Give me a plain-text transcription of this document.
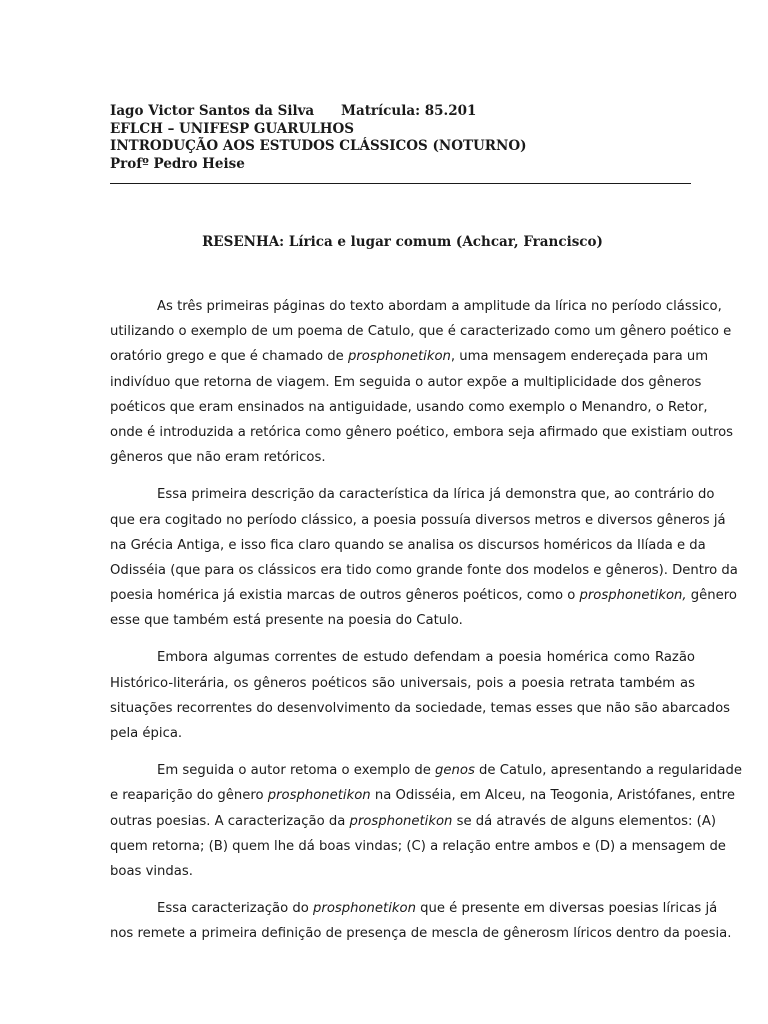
Iago Victor Santos da Silva Matrícula: 85.201
EFLCH – UNIFESP GUARULHOS
INTRODUÇÃO AOS ESTUDOS CLÁSSICOS (NOTURNO)
Profº Pedro Heise
RESENHA: Lírica e lugar comum (Achcar, Francisco)
As três primeiras páginas do texto abordam a amplitude da lírica no período clássico,
utilizando o exemplo de um poema de Catulo, que é caracterizado como um gênero poético e
oratório grego e que é chamado de prosphonetikon, uma mensagem endereçada para um
indivíduo que retorna de viagem. Em seguida o autor expõe a multiplicidade dos gêneros
poéticos que eram ensinados na antiguidade, usando como exemplo o Menandro, o Retor,
onde é introduzida a retórica como gênero poético, embora seja afirmado que existiam outros
gêneros que não eram retóricos.
Essa primeira descrição da característica da lírica já demonstra que, ao contrário do
que era cogitado no período clássico, a poesia possuía diversos metros e diversos gêneros já
na Grécia Antiga, e isso fica claro quando se analisa os discursos homéricos da Ilíada e da
Odisséia (que para os clássicos era tido como grande fonte dos modelos e gêneros). Dentro da
poesia homérica já existia marcas de outros gêneros poéticos, como o prosphonetikon, gênero
esse que também está presente na poesia do Catulo.
Embora algumas correntes de estudo defendam a poesia homérica como Razão
Histórico-literária, os gêneros poéticos são universais, pois a poesia retrata também as
situações recorrentes do desenvolvimento da sociedade, temas esses que não são abarcados
pela épica.
Em seguida o autor retoma o exemplo de genos de Catulo, apresentando a regularidade
e reaparição do gênero prosphonetikon na Odisséia, em Alceu, na Teogonia, Aristófanes, entre
outras poesias. A caracterização da prosphonetikon se dá através de alguns elementos: (A)
quem retorna; (B) quem lhe dá boas vindas; (C) a relação entre ambos e (D) a mensagem de
boas vindas.
Essa caracterização do prosphonetikon que é presente em diversas poesias líricas já
nos remete a primeira definição de presença de mescla de gênerosm líricos dentro da poesia.
